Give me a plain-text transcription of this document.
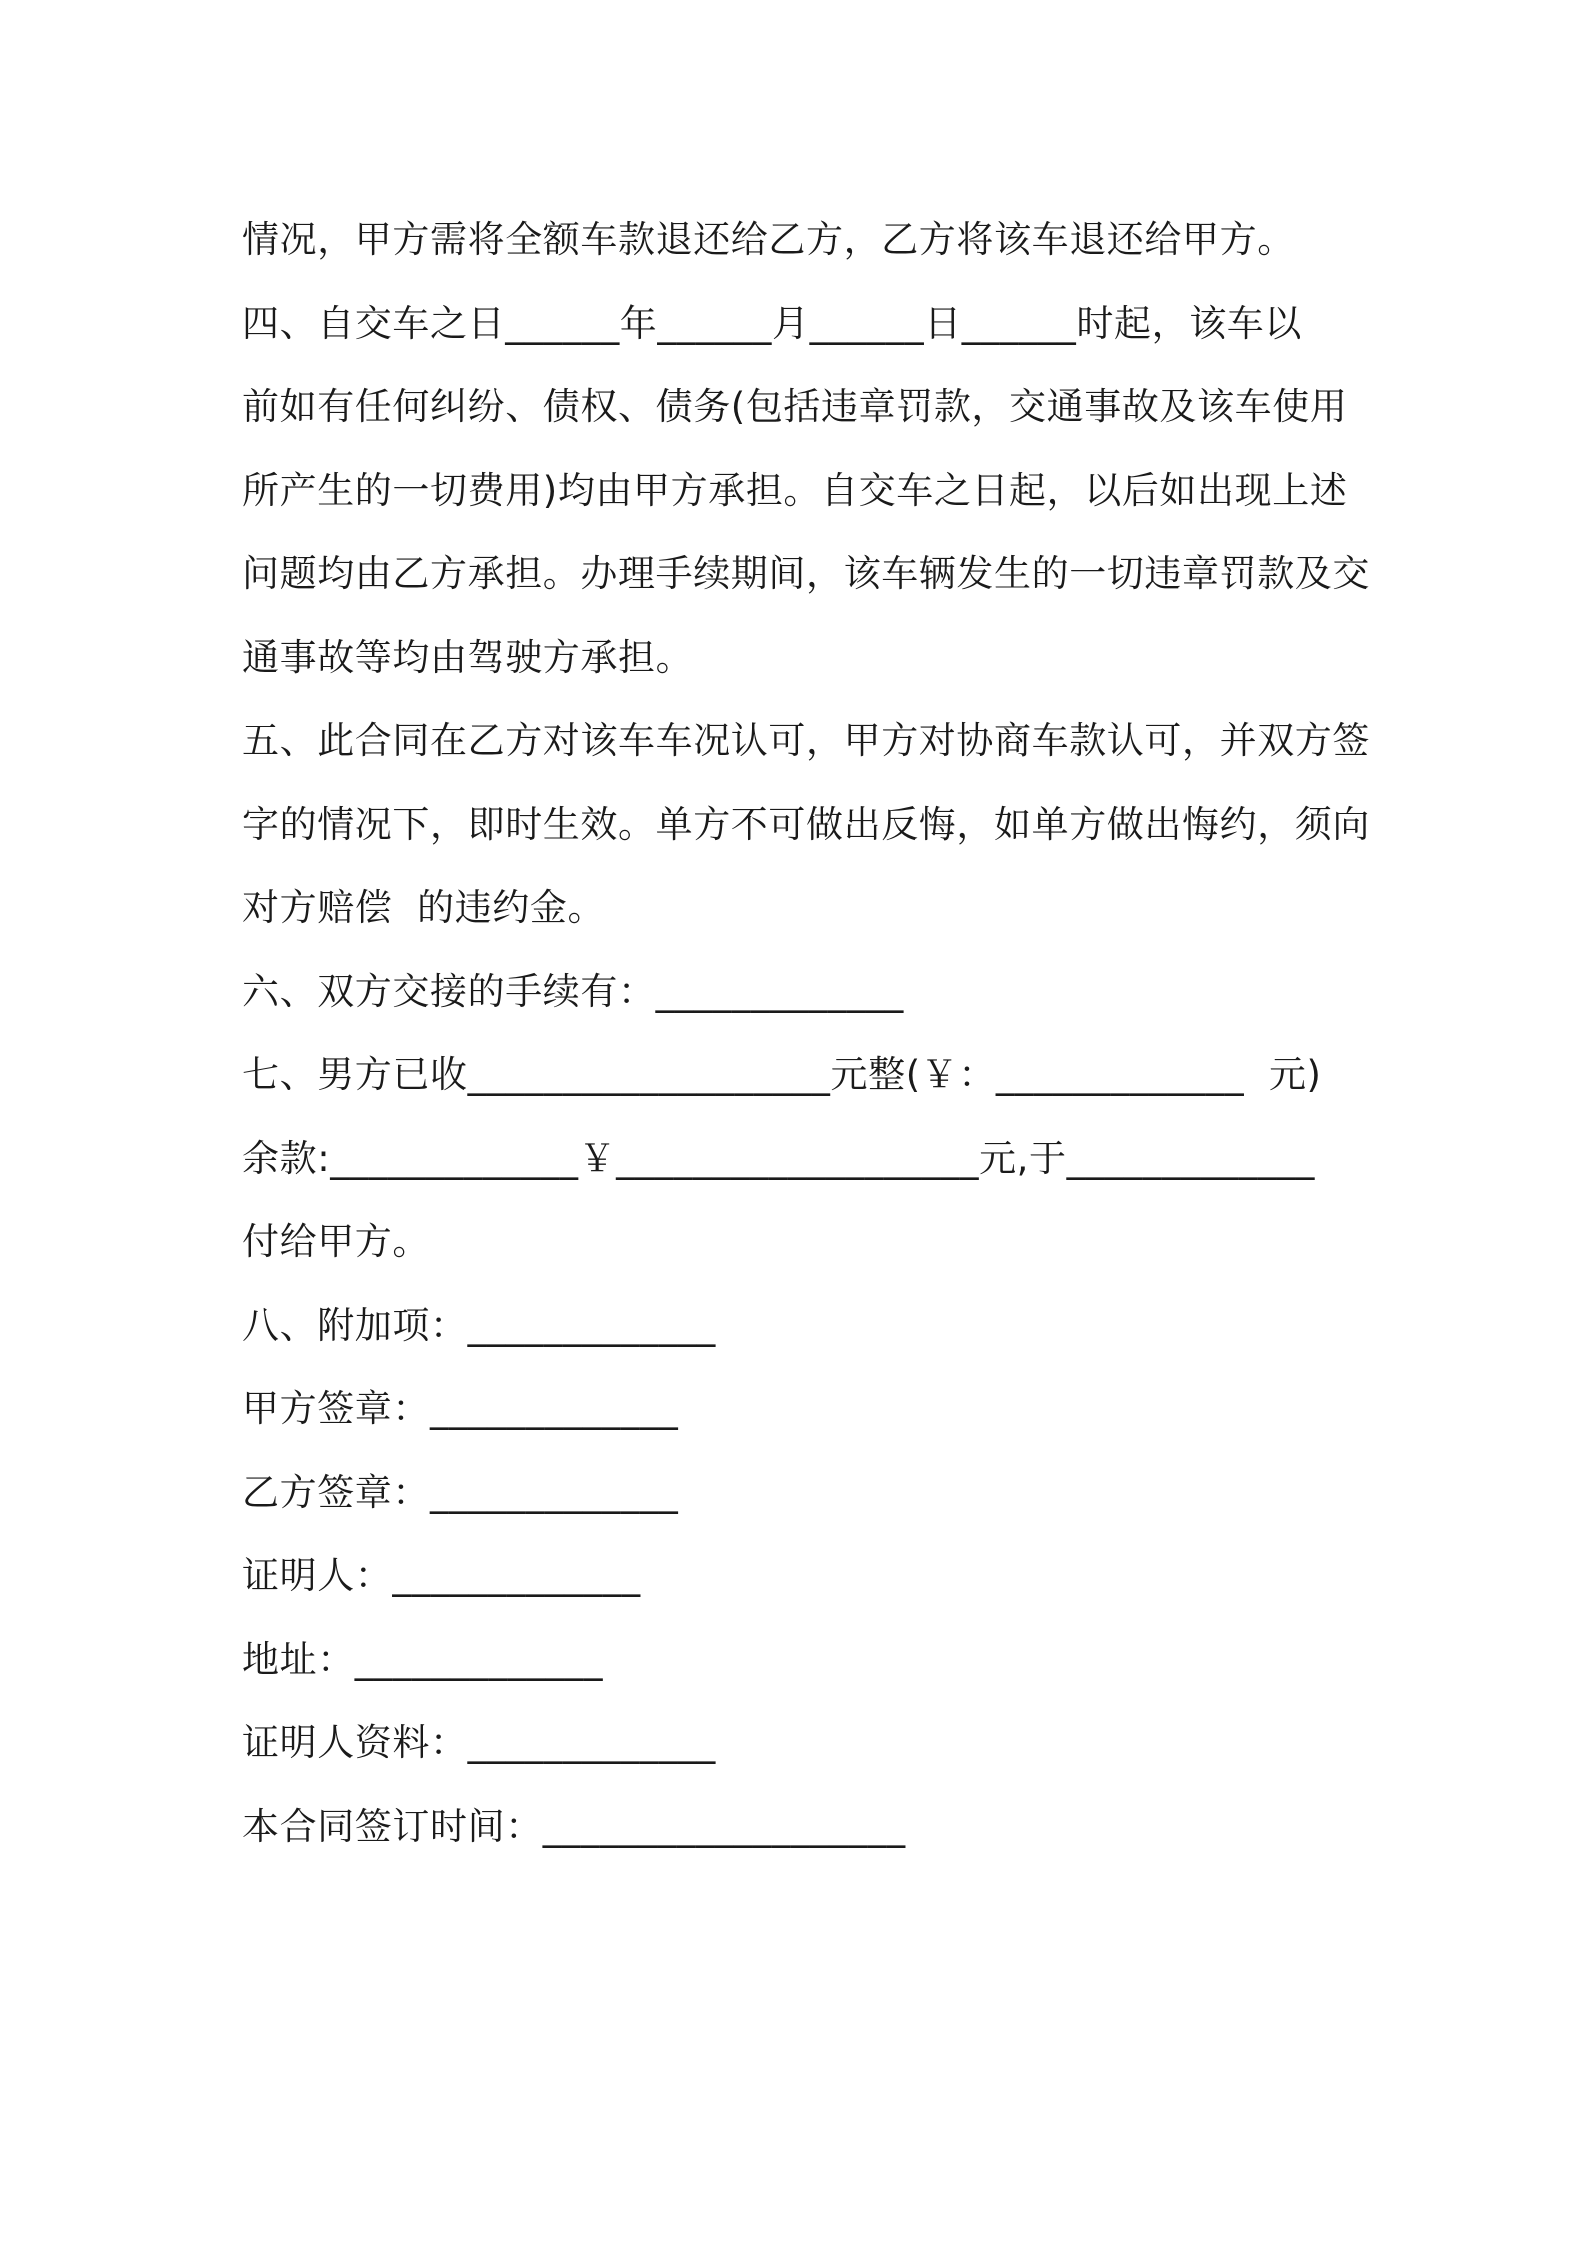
情况，甲方需将全额车款退还给乙方，乙方将该车退还给甲方。
四、自交车之日______年______月______日______时起，该车以
前如有任何纠纷、债权、债务(包括违章罚款，交通事故及该车使用
所产生的一切费用)均由甲方承担。自交车之日起，以后如出现上述
问题均由乙方承担。办理手续期间，该车辆发生的一切违章罚款及交
通事故等均由驾驶方承担。
五、此合同在乙方对该车车况认可，甲方对协商车款认可，并双方签
字的情况下，即时生效。单方不可做出反悔，如单方做出悔约，须向
对方赔偿  的违约金。
六、双方交接的手续有：_____________
七、男方已收___________________元整(￥：_____________  元)
余款:_____________￥___________________元,于_____________
付给甲方。
八、附加项：_____________
甲方签章：_____________
乙方签章：_____________
证明人：_____________
地址：_____________
证明人资料：_____________
本合同签订时间：___________________
